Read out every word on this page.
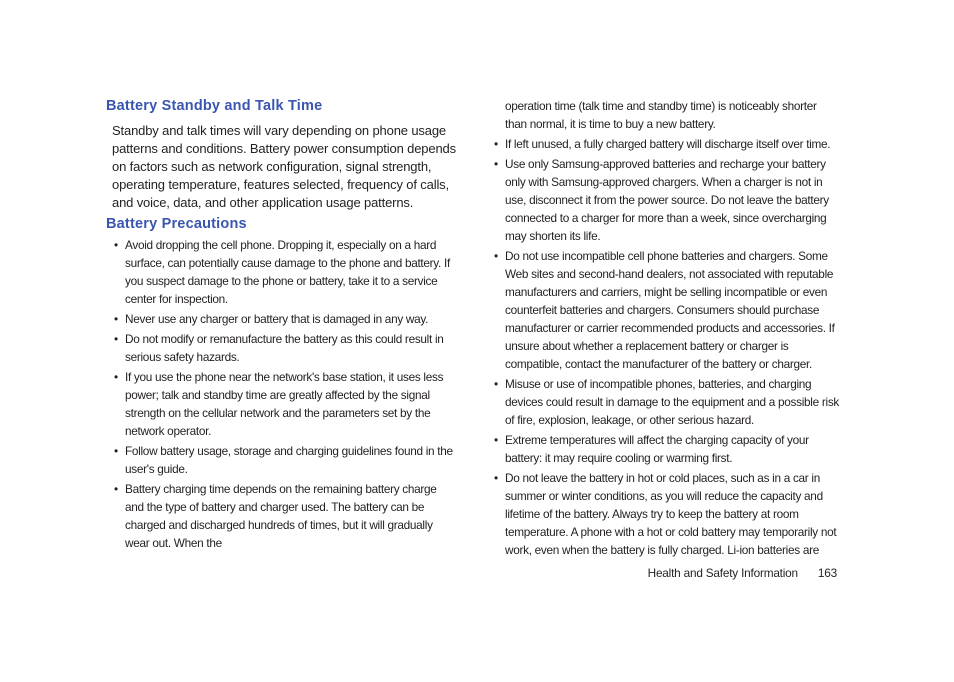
Battery Standby and Talk Time

Standby and talk times will vary depending on phone usage patterns and conditions. Battery power consumption depends on factors such as network configuration, signal strength, operating temperature, features selected, frequency of calls, and voice, data, and other application usage patterns.

Battery Precautions
• Avoid dropping the cell phone. Dropping it, especially on a hard surface, can potentially cause damage to the phone and battery. If you suspect damage to the phone or battery, take it to a service center for inspection.
• Never use any charger or battery that is damaged in any way.
• Do not modify or remanufacture the battery as this could result in serious safety hazards.
• If you use the phone near the network's base station, it uses less power; talk and standby time are greatly affected by the signal strength on the cellular network and the parameters set by the network operator.
• Follow battery usage, storage and charging guidelines found in the user's guide.
• Battery charging time depends on the remaining battery charge and the type of battery and charger used. The battery can be charged and discharged hundreds of times, but it will gradually wear out. When the
operation time (talk time and standby time) is noticeably shorter than normal, it is time to buy a new battery.
• If left unused, a fully charged battery will discharge itself over time.
• Use only Samsung-approved batteries and recharge your battery only with Samsung-approved chargers. When a charger is not in use, disconnect it from the power source. Do not leave the battery connected to a charger for more than a week, since overcharging may shorten its life.
• Do not use incompatible cell phone batteries and chargers. Some Web sites and second-hand dealers, not associated with reputable manufacturers and carriers, might be selling incompatible or even counterfeit batteries and chargers. Consumers should purchase manufacturer or carrier recommended products and accessories. If unsure about whether a replacement battery or charger is compatible, contact the manufacturer of the battery or charger.
• Misuse or use of incompatible phones, batteries, and charging devices could result in damage to the equipment and a possible risk of fire, explosion, leakage, or other serious hazard.
• Extreme temperatures will affect the charging capacity of your battery: it may require cooling or warming first.
• Do not leave the battery in hot or cold places, such as in a car in summer or winter conditions, as you will reduce the capacity and lifetime of the battery. Always try to keep the battery at room temperature. A phone with a hot or cold battery may temporarily not work, even when the battery is fully charged. Li-ion batteries are
Health and Safety Information 163
